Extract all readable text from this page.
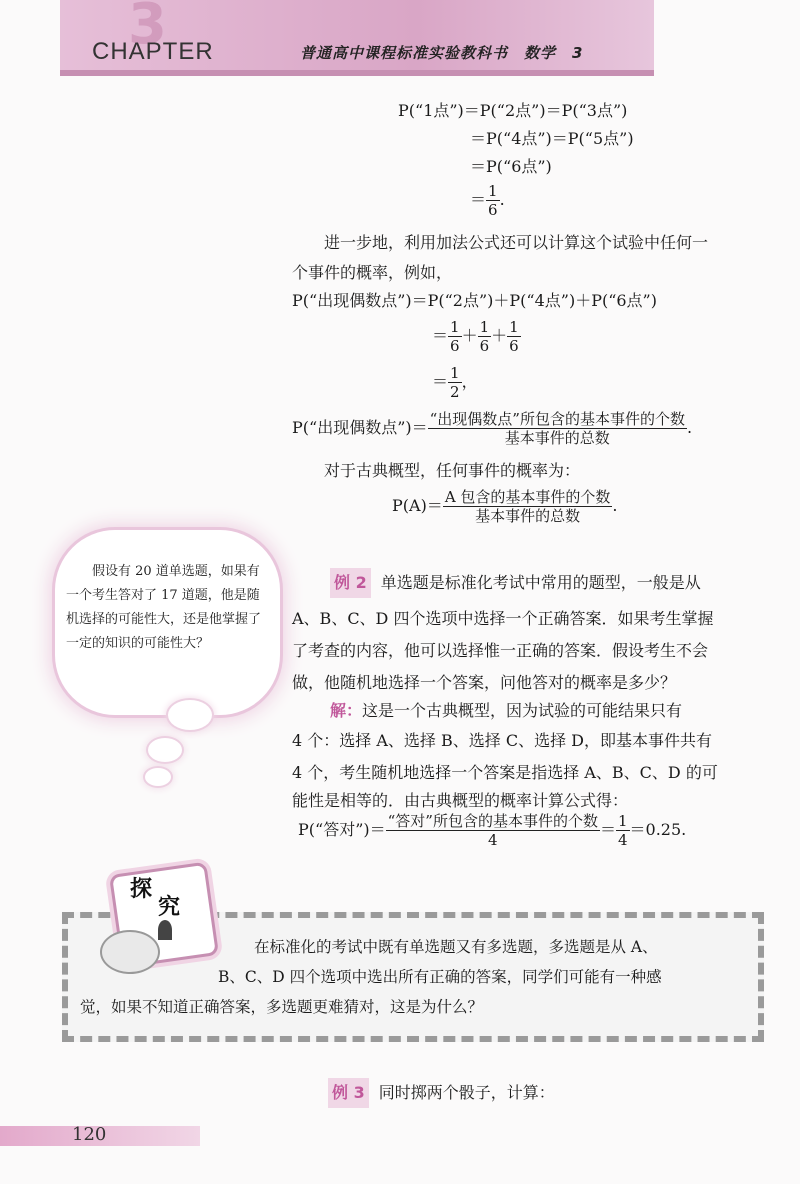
3
CHAPTER	普通高中课程标准实验教科书　数学　3
P(“1点”)＝P(“2点”)＝P(“3点”)
＝P(“4点”)＝P(“5点”)
＝P(“6点”)
＝ $\frac{1}{6}$ .
　　进一步地，利用加法公式还可以计算这个试验中任何一
个事件的概率，例如，
P(“出现偶数点”)＝P(“2点”)＋P(“4点”)＋P(“6点”)
＝ $\frac{1}{6} + \frac{1}{6} + \frac{1}{6}$
＝ $\frac{1}{2}$ ，
P(“出现偶数点”)＝ $\frac{\text{“出现偶数点”所包含的基本事件的个数}}{\text{基本事件的总数}}$ .
　　对于古典概型，任何事件的概率为：
$P(A)= \frac{\text{A 包含的基本事件的个数}}{\text{基本事件的总数}}$ .
假设有 20 道单选题，如果有一个考生答对了 17 道题，他是随机选择的可能性大，还是他掌握了一定的知识的可能性大？
例 2 单选题是标准化考试中常用的题型，一般是从
A、B、C、D 四个选项中选择一个正确答案．如果考生掌握
了考查的内容，他可以选择惟一正确的答案．假设考生不会
做，他随机地选择一个答案，问他答对的概率是多少？
解：这是一个古典概型，因为试验的可能结果只有
4 个：选择 A、选择 B、选择 C、选择 D，即基本事件共有
4 个，考生随机地选择一个答案是指选择 A、B、C、D 的可
能性是相等的．由古典概型的概率计算公式得：
P(“答对”)＝ $\frac{\text{“答对”所包含的基本事件的个数}}{4} = \frac{1}{4} =0.25$.
探究
在标准化的考试中既有单选题又有多选题，多选题是从 A、
B、C、D 四个选项中选出所有正确的答案，同学们可能有一种感
觉，如果不知道正确答案，多选题更难猜对，这是为什么？
例 3 同时掷两个骰子，计算：
120
